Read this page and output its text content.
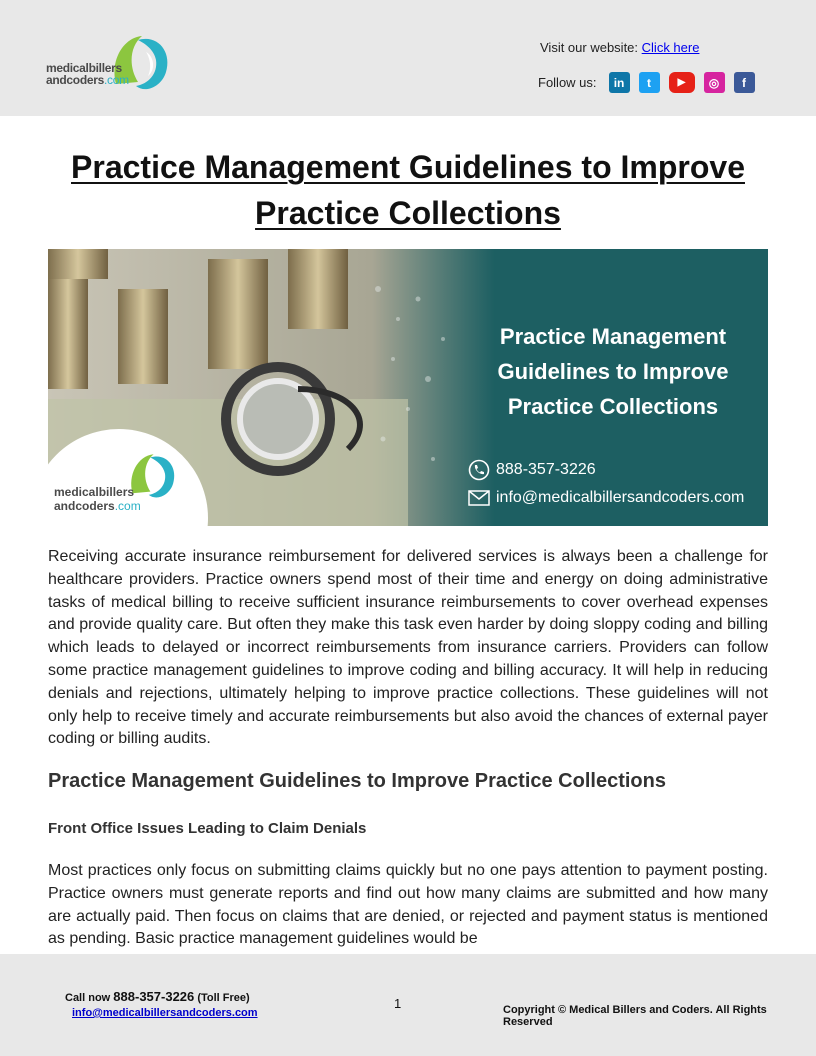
medicalbillers
andcoders.com
Visit our website: Click here
Follow us:	in	t	▶	◎	f
Practice Management Guidelines to Improve Practice Collections
Practice Management
Guidelines to Improve
Practice Collections
888-357-3226
info@medicalbillersandcoders.com
medicalbillers
andcoders.com

Receiving accurate insurance reimbursement for delivered services is always been a challenge for healthcare providers. Practice owners spend most of their time and energy on doing administrative tasks of medical billing to receive sufficient insurance reimbursements to cover overhead expenses and provide quality care. But often they make this task even harder by doing sloppy coding and billing which leads to delayed or incorrect reimbursements from insurance carriers. Providers can follow some practice management guidelines to improve coding and billing accuracy. It will help in reducing denials and rejections, ultimately helping to improve practice collections. These guidelines will not only help to receive timely and accurate reimbursements but also avoid the chances of external payer coding or billing audits.

Practice Management Guidelines to Improve Practice Collections
Front Office Issues Leading to Claim Denials

Most practices only focus on submitting claims quickly but no one pays attention to payment posting. Practice owners must generate reports and find out how many claims are submitted and how many are actually paid. Then focus on claims that are denied, or rejected and payment status is mentioned as pending. Basic practice management guidelines would be

Call now 888-357-3226 (Toll Free)
info@medicalbillersandcoders.com
1	Copyright © Medical Billers and Coders. All Rights Reserved
